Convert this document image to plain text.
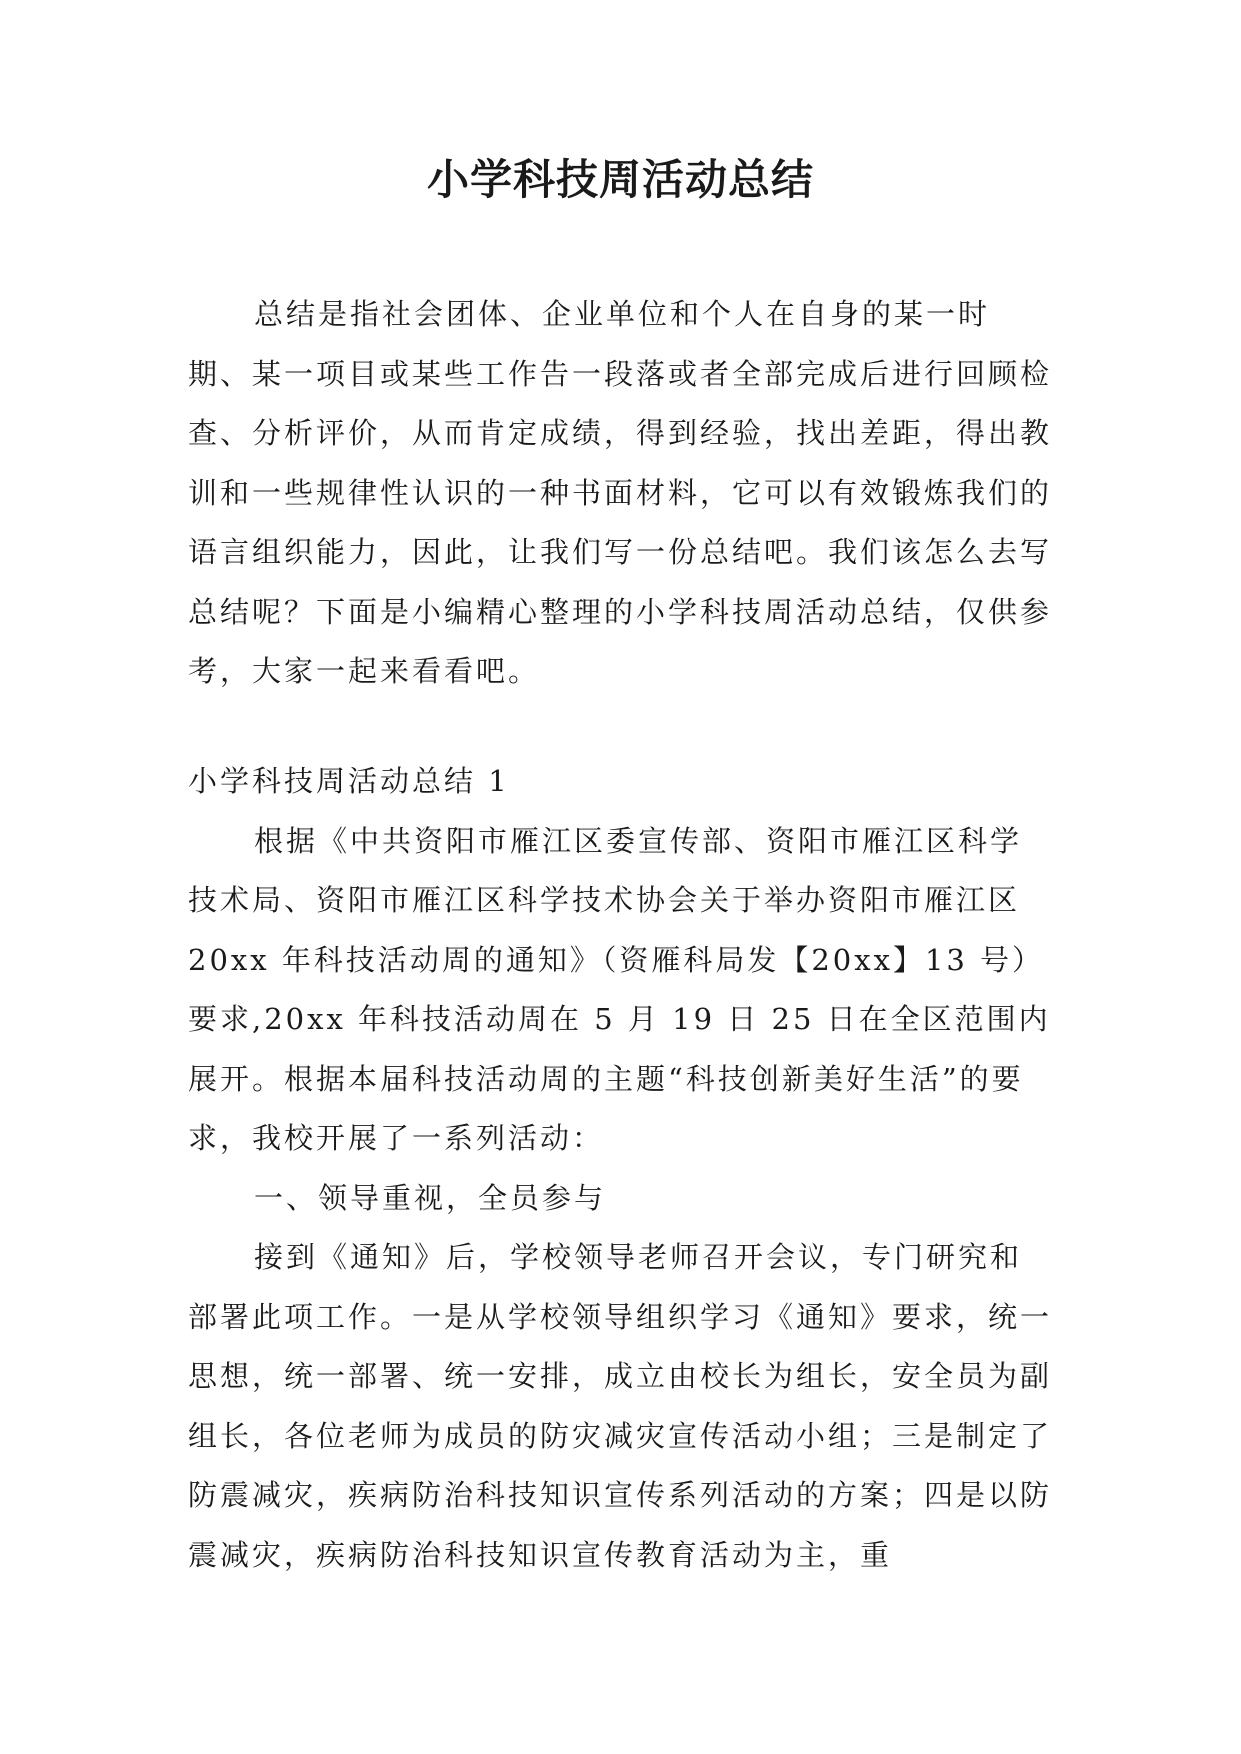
小学科技周活动总结

总结是指社会团体、企业单位和个人在自身的某一时期、某一项目或某些工作告一段落或者全部完成后进行回顾检查、分析评价，从而肯定成绩，得到经验，找出差距，得出教训和一些规律性认识的一种书面材料，它可以有效锻炼我们的语言组织能力，因此，让我们写一份总结吧。我们该怎么去写总结呢？下面是小编精心整理的小学科技周活动总结，仅供参考，大家一起来看看吧。

小学科技周活动总结 1

根据《中共资阳市雁江区委宣传部、资阳市雁江区科学技术局、资阳市雁江区科学技术协会关于举办资阳市雁江区 20xx 年科技活动周的通知》（资雁科局发【20xx】13 号）要求,20xx 年科技活动周在 5 月 19 日 25 日在全区范围内展开。根据本届科技活动周的主题“科技创新美好生活”的要求，我校开展了一系列活动：

一、领导重视，全员参与

接到《通知》后，学校领导老师召开会议，专门研究和部署此项工作。一是从学校领导组织学习《通知》要求，统一思想，统一部署、统一安排，成立由校长为组长，安全员为副组长，各位老师为成员的防灾减灾宣传活动小组；三是制定了防震减灾，疾病防治科技知识宣传系列活动的方案；四是以防震减灾，疾病防治科技知识宣传教育活动为主，重
